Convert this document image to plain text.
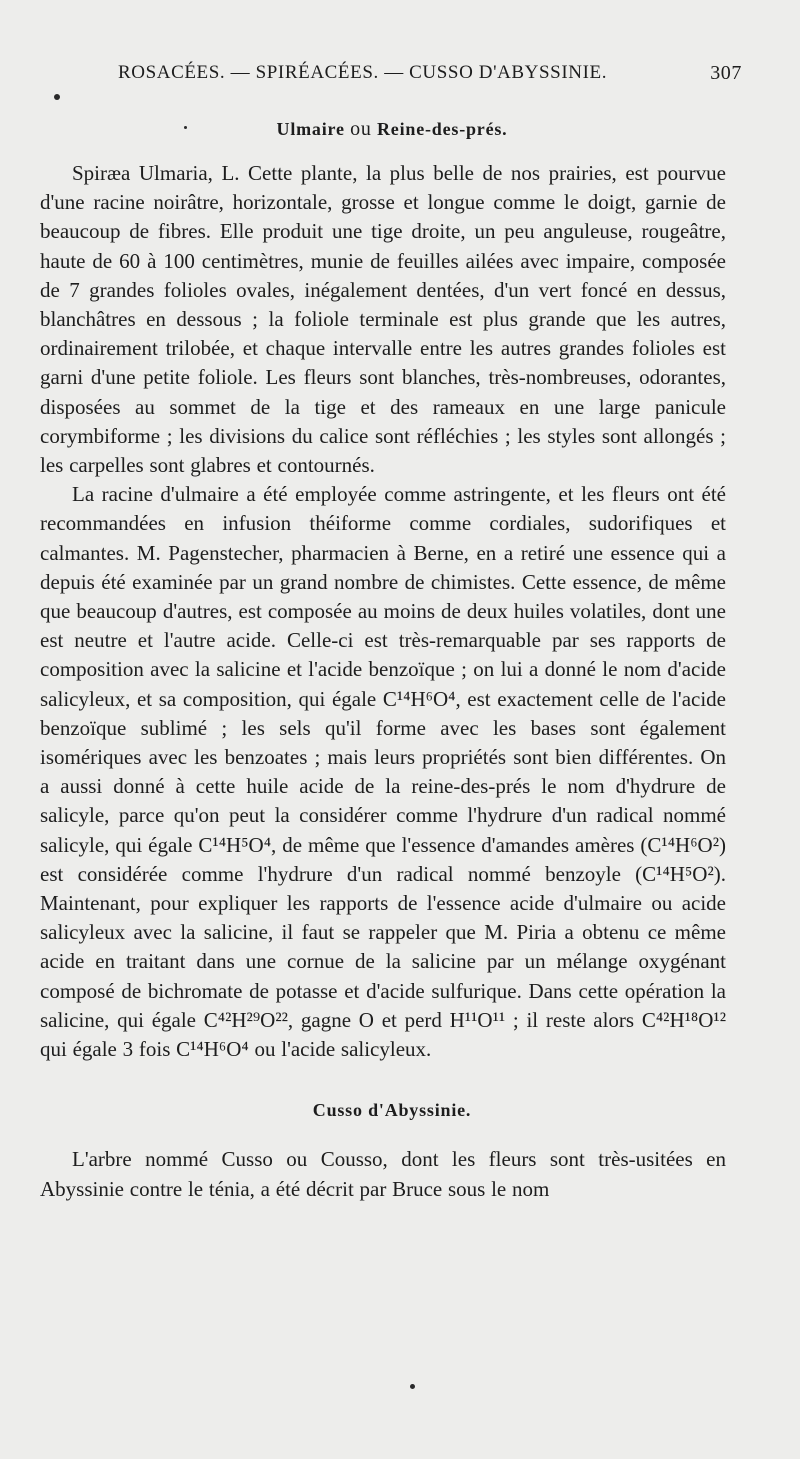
ROSACÉES. — SPIRÉACÉES. — CUSSO D'ABYSSINIE.	307
Ulmaire ou Reine-des-prés.

Spiræa Ulmaria, L. Cette plante, la plus belle de nos prairies, est pourvue d'une racine noirâtre, horizontale, grosse et longue comme le doigt, garnie de beaucoup de fibres. Elle produit une tige droite, un peu anguleuse, rougeâtre, haute de 60 à 100 centimètres, munie de feuilles ailées avec impaire, composée de 7 grandes folioles ovales, inégalement dentées, d'un vert foncé en dessus, blanchâtres en dessous ; la foliole terminale est plus grande que les autres, ordinairement trilobée, et chaque intervalle entre les autres grandes folioles est garni d'une petite foliole. Les fleurs sont blanches, très-nombreuses, odorantes, disposées au sommet de la tige et des rameaux en une large panicule corymbiforme ; les divisions du calice sont réfléchies ; les styles sont allongés ; les carpelles sont glabres et contournés.

La racine d'ulmaire a été employée comme astringente, et les fleurs ont été recommandées en infusion théiforme comme cordiales, sudorifiques et calmantes. M. Pagenstecher, pharmacien à Berne, en a retiré une essence qui a depuis été examinée par un grand nombre de chimistes. Cette essence, de même que beaucoup d'autres, est composée au moins de deux huiles volatiles, dont une est neutre et l'autre acide. Celle-ci est très-remarquable par ses rapports de composition avec la salicine et l'acide benzoïque ; on lui a donné le nom d'acide salicyleux, et sa composition, qui égale C¹⁴H⁶O⁴, est exactement celle de l'acide benzoïque sublimé ; les sels qu'il forme avec les bases sont également isomériques avec les benzoates ; mais leurs propriétés sont bien différentes. On a aussi donné à cette huile acide de la reine-des-prés le nom d'hydrure de salicyle, parce qu'on peut la considérer comme l'hydrure d'un radical nommé salicyle, qui égale C¹⁴H⁵O⁴, de même que l'essence d'amandes amères (C¹⁴H⁶O²) est considérée comme l'hydrure d'un radical nommé benzoyle (C¹⁴H⁵O²). Maintenant, pour expliquer les rapports de l'essence acide d'ulmaire ou acide salicyleux avec la salicine, il faut se rappeler que M. Piria a obtenu ce même acide en traitant dans une cornue de la salicine par un mélange oxygénant composé de bichromate de potasse et d'acide sulfurique. Dans cette opération la salicine, qui égale C⁴²H²⁹O²², gagne O et perd H¹¹O¹¹ ; il reste alors C⁴²H¹⁸O¹² qui égale 3 fois C¹⁴H⁶O⁴ ou l'acide salicyleux.

Cusso d'Abyssinie.

L'arbre nommé Cusso ou Cousso, dont les fleurs sont très-usitées en Abyssinie contre le ténia, a été décrit par Bruce sous le nom
